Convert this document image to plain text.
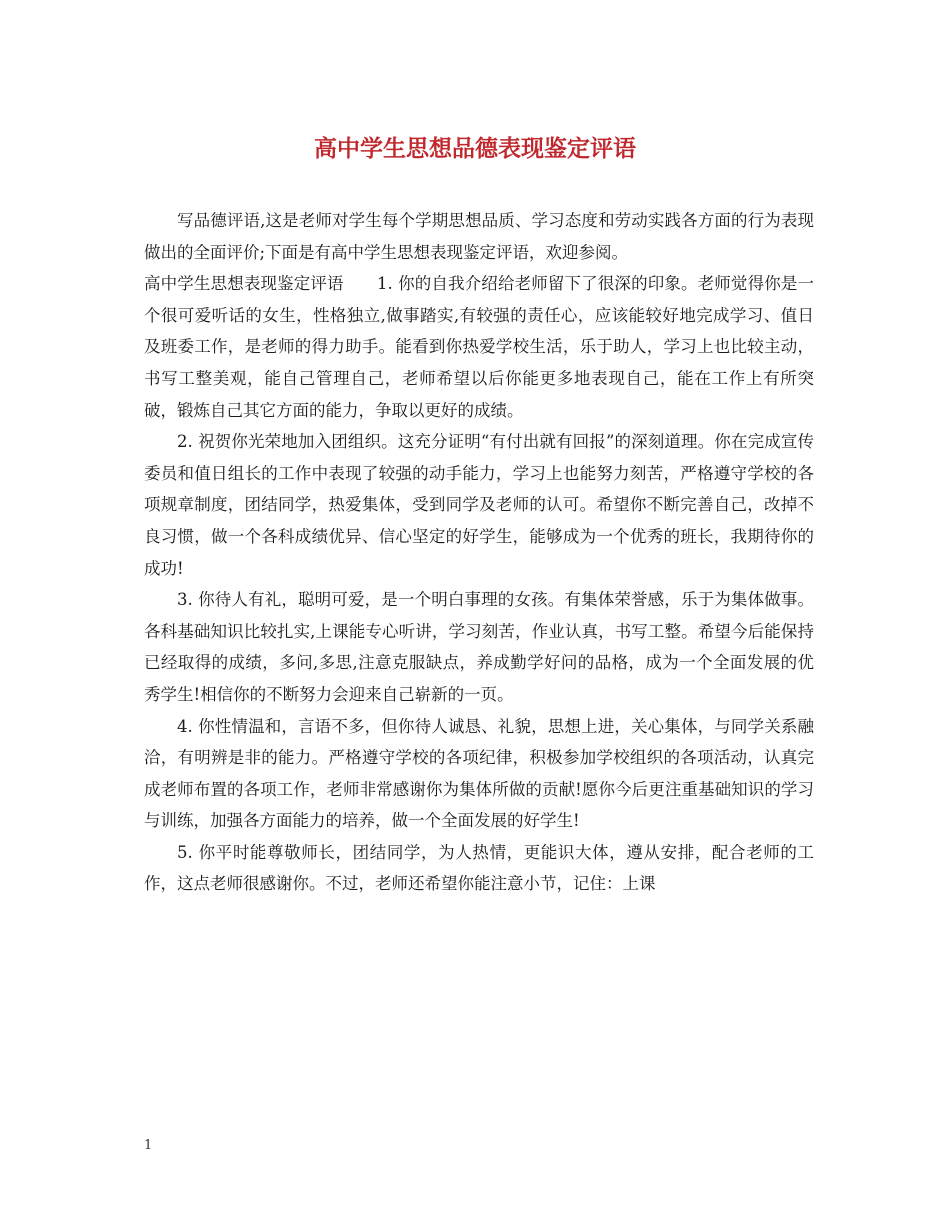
高中学生思想品德表现鉴定评语

写品德评语,这是老师对学生每个学期思想品质、学习态度和劳动实践各方面的行为表现做出的全面评价;下面是有高中学生思想表现鉴定评语，欢迎参阅。

高中学生思想表现鉴定评语　　1. 你的自我介绍给老师留下了很深的印象。老师觉得你是一个很可爱听话的女生，性格独立,做事踏实,有较强的责任心，应该能较好地完成学习、值日及班委工作，是老师的得力助手。能看到你热爱学校生活，乐于助人，学习上也比较主动，书写工整美观，能自己管理自己，老师希望以后你能更多地表现自己，能在工作上有所突破，锻炼自己其它方面的能力，争取以更好的成绩。

2. 祝贺你光荣地加入团组织。这充分证明“有付出就有回报”的深刻道理。你在完成宣传委员和值日组长的工作中表现了较强的动手能力，学习上也能努力刻苦，严格遵守学校的各项规章制度，团结同学，热爱集体，受到同学及老师的认可。希望你不断完善自己，改掉不良习惯，做一个各科成绩优异、信心坚定的好学生，能够成为一个优秀的班长，我期待你的成功!

3. 你待人有礼，聪明可爱，是一个明白事理的女孩。有集体荣誉感，乐于为集体做事。各科基础知识比较扎实,上课能专心听讲，学习刻苦，作业认真，书写工整。希望今后能保持已经取得的成绩，多问,多思,注意克服缺点，养成勤学好问的品格，成为一个全面发展的优秀学生!相信你的不断努力会迎来自己崭新的一页。

4. 你性情温和，言语不多，但你待人诚恳、礼貌，思想上进，关心集体，与同学关系融洽，有明辨是非的能力。严格遵守学校的各项纪律，积极参加学校组织的各项活动，认真完成老师布置的各项工作，老师非常感谢你为集体所做的贡献!愿你今后更注重基础知识的学习与训练，加强各方面能力的培养，做一个全面发展的好学生!

5. 你平时能尊敬师长，团结同学，为人热情，更能识大体，遵从安排，配合老师的工作，这点老师很感谢你。不过，老师还希望你能注意小节，记住：上课

1
